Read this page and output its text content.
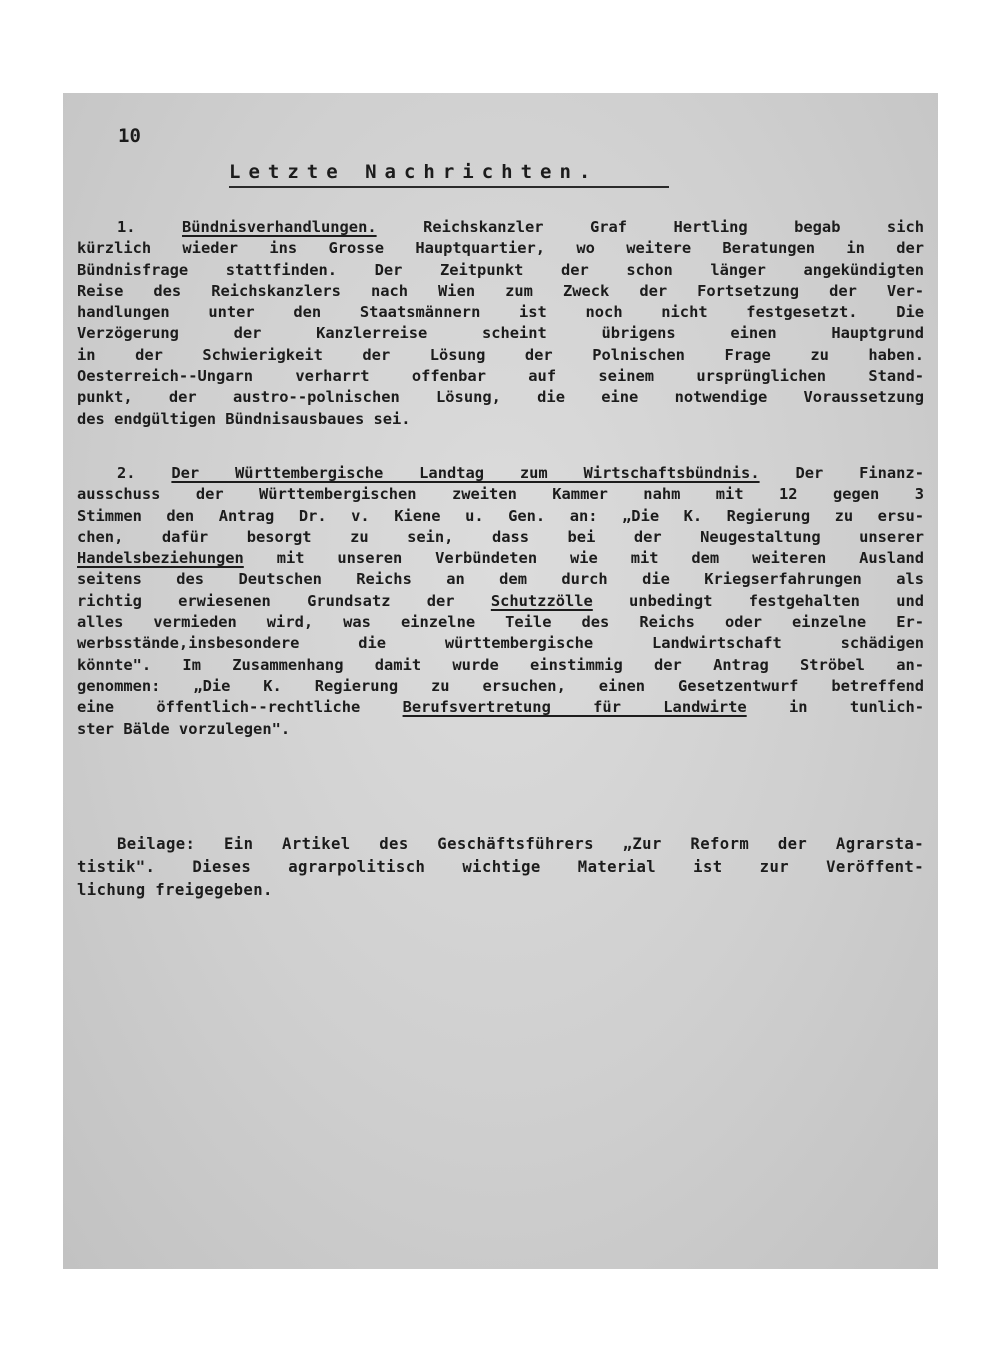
10
Letzte Nachrichten.
1. Bündnisverhandlungen. Reichskanzler Graf Hertling begab sich
kürzlich wieder ins Grosse Hauptquartier, wo weitere Beratungen in der
Bündnisfrage stattfinden. Der Zeitpunkt der schon länger angekündigten
Reise des Reichskanzlers nach Wien zum Zweck der Fortsetzung der Ver-
handlungen unter den Staatsmännern ist noch nicht festgesetzt. Die
Verzögerung der Kanzlerreise scheint übrigens einen Hauptgrund
in der Schwierigkeit der Lösung der Polnischen Frage zu haben.
Oesterreich--Ungarn verharrt offenbar auf seinem ursprünglichen Stand-
punkt, der austro--polnischen Lösung, die eine notwendige Voraussetzung
des endgültigen Bündnisausbaues sei.
2. Der Württembergische Landtag zum Wirtschaftsbündnis. Der Finanz-
ausschuss der Württembergischen zweiten Kammer nahm mit 12 gegen 3
Stimmen den Antrag Dr. v. Kiene u. Gen. an: „Die K. Regierung zu ersu-
chen, dafür besorgt zu sein, dass bei der Neugestaltung unserer
Handelsbeziehungen mit unseren Verbündeten wie mit dem weiteren Ausland
seitens des Deutschen Reichs an dem durch die Kriegserfahrungen als
richtig erwiesenen Grundsatz der Schutzzölle unbedingt festgehalten und
alles vermieden wird, was einzelne Teile des Reichs oder einzelne Er-
werbsstände,insbesondere die württembergische Landwirtschaft schädigen
könnte". Im Zusammenhang damit wurde einstimmig der Antrag Ströbel an-
genommen: „Die K. Regierung zu ersuchen, einen Gesetzentwurf betreffend
eine öffentlich--rechtliche Berufsvertretung für Landwirte in tunlich-
ster Bälde vorzulegen".
Beilage: Ein Artikel des Geschäftsführers „Zur Reform der Agrarsta-
tistik". Dieses agrarpolitisch wichtige Material ist zur Veröffent-
lichung freigegeben.
